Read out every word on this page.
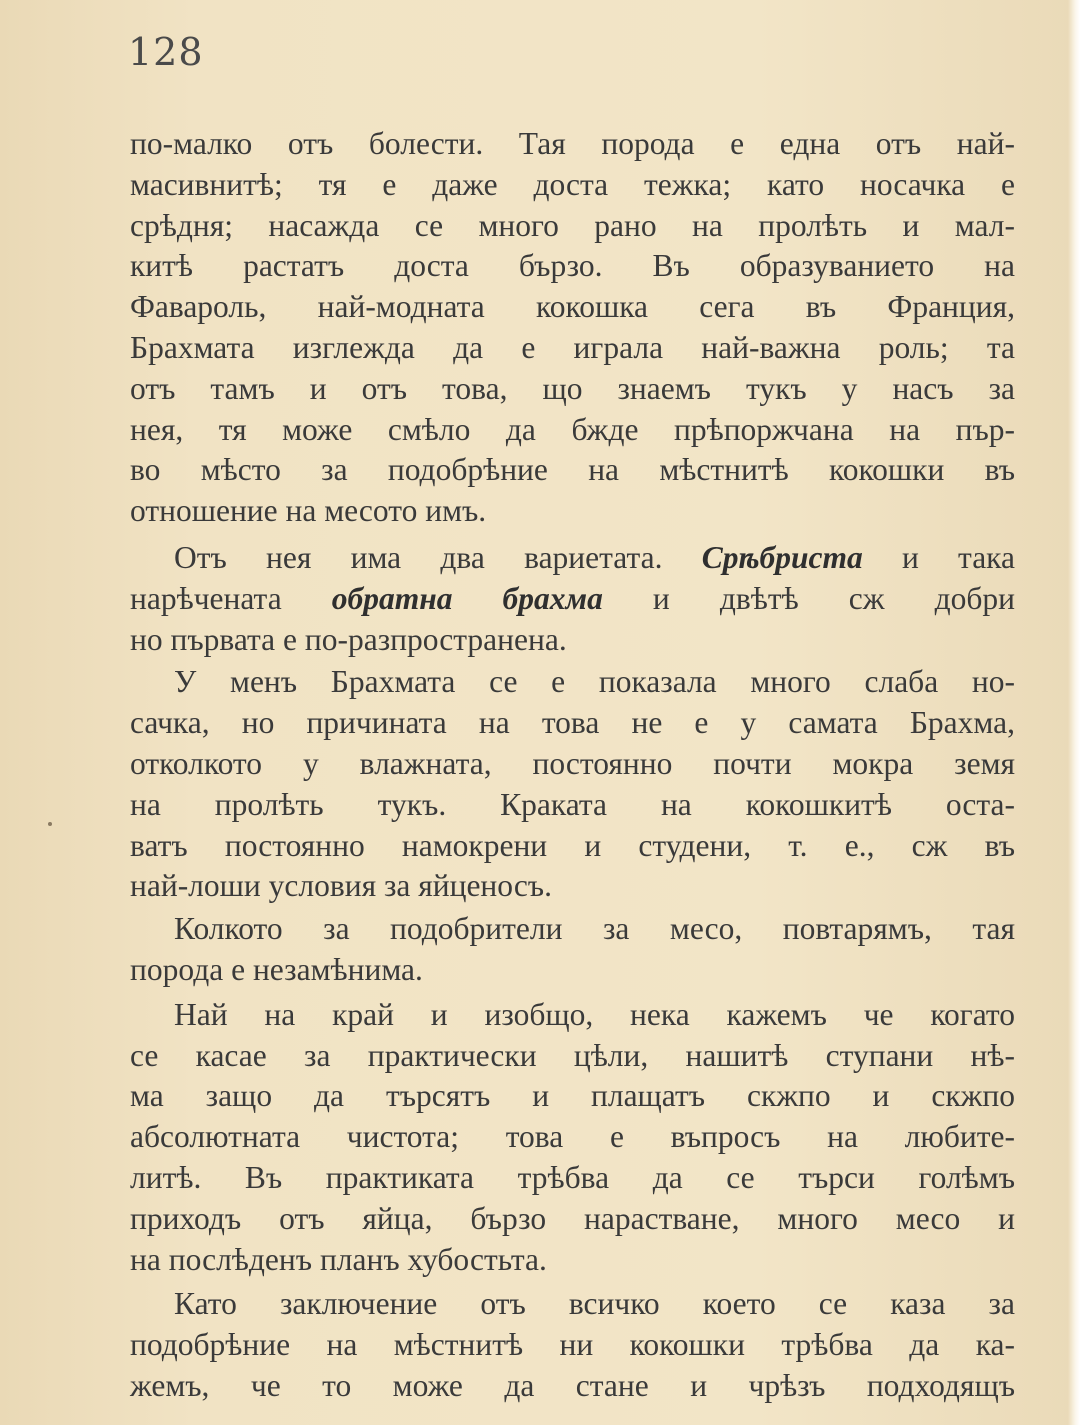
128
по-малко отъ болести. Тая порода е една отъ най-
масивнитѣ; тя е даже доста тежка; като носачка е
срѣдня; насажда се много рано на пролѣть и мал-
китѣ растатъ доста бързо. Въ образуванието на
Фавароль, най-модната кокошка сега въ Франция,
Брахмата изглежда да е играла най-важна роль; та
отъ тамъ и отъ това, що знаемъ тукъ у насъ за
нея, тя може смѣло да бжде прѣпоржчана на пър-
во мѣсто за подобрѣние на мѣстнитѣ кокошки въ
отношение на месото имъ.
Отъ нея има два вариетата. Срѣбриста и така
нарѣчената обратна брахма и двѣтѣ сж добри
но първата е по-разпространена.
У менъ Брахмата се е показала много слаба но-
сачка, но причината на това не е у самата Брахма,
отколкото у влажната, постоянно почти мокра земя
на пролѣть тукъ. Краката на кокошкитѣ оста-
ватъ постоянно намокрени и студени, т. е., сж въ
най-лоши условия за яйценосъ.
Колкото за подобрители за месо, повтарямъ, тая
порода е незамѣнима.
Най на край и изобщо, нека кажемъ че когато
се касае за практически цѣли, нашитѣ ступани нѣ-
ма защо да търсятъ и плащатъ скжпо и скжпо
абсолютната чистота; това е въпросъ на любите-
литѣ. Въ практиката трѣбва да се търси голѣмъ
приходъ отъ яйца, бързо нарастване, много месо и
на послѣденъ планъ хубостьта.
Като заключение отъ всичко което се каза за
подобрѣние на мѣстнитѣ ни кокошки трѣбва да ка-
жемъ, че то може да стане и чрѣзъ подходящъ
